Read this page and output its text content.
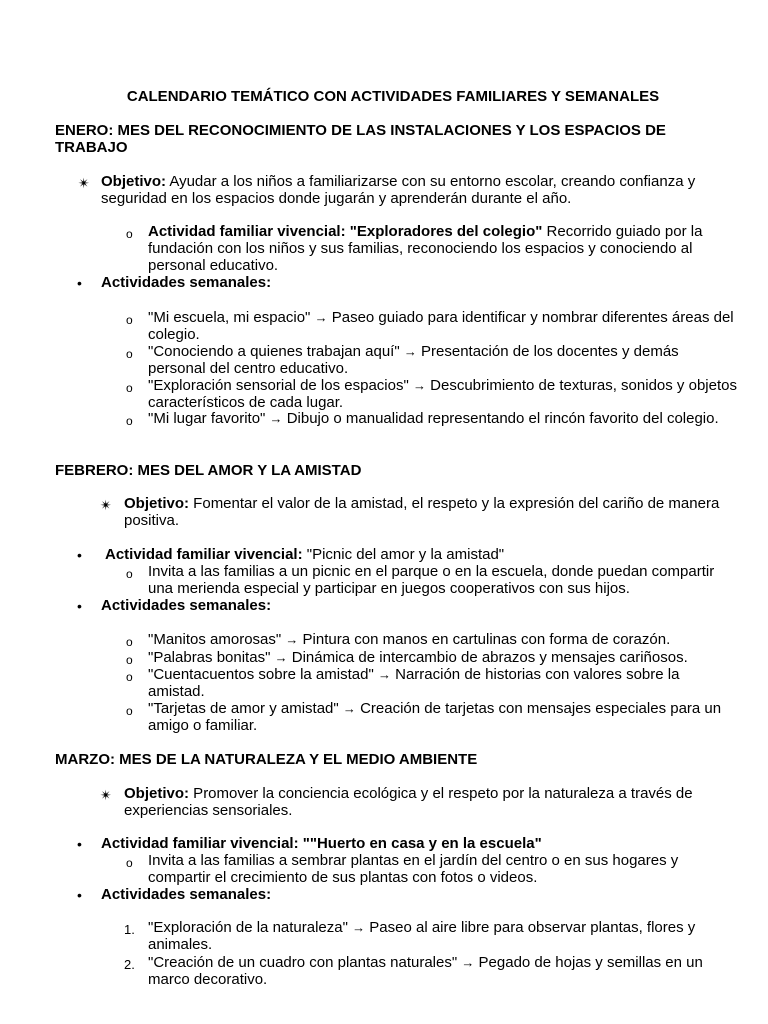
CALENDARIO TEMÁTICO CON ACTIVIDADES FAMILIARES Y SEMANALES
ENERO: MES DEL RECONOCIMIENTO DE LAS INSTALACIONES Y LOS ESPACIOS DE TRABAJO
✴ Objetivo: Ayudar a los niños a familiarizarse con su entorno escolar, creando confianza y seguridad en los espacios donde jugarán y aprenderán durante el año.
o Actividad familiar vivencial: "Exploradores del colegio" Recorrido guiado por la fundación con los niños y sus familias, reconociendo los espacios y conociendo al personal educativo.
• Actividades semanales:
o "Mi escuela, mi espacio" → Paseo guiado para identificar y nombrar diferentes áreas del colegio.
o "Conociendo a quienes trabajan aquí" → Presentación de los docentes y demás personal del centro educativo.
o "Exploración sensorial de los espacios" → Descubrimiento de texturas, sonidos y objetos característicos de cada lugar.
o "Mi lugar favorito" → Dibujo o manualidad representando el rincón favorito del colegio.
FEBRERO: MES DEL AMOR Y LA AMISTAD
✴ Objetivo: Fomentar el valor de la amistad, el respeto y la expresión del cariño de manera positiva.
• Actividad familiar vivencial: "Picnic del amor y la amistad"
o Invita a las familias a un picnic en el parque o en la escuela, donde puedan compartir una merienda especial y participar en juegos cooperativos con sus hijos.
• Actividades semanales:
o "Manitos amorosas" → Pintura con manos en cartulinas con forma de corazón.
o "Palabras bonitas" → Dinámica de intercambio de abrazos y mensajes cariñosos.
o "Cuentacuentos sobre la amistad" → Narración de historias con valores sobre la amistad.
o "Tarjetas de amor y amistad" → Creación de tarjetas con mensajes especiales para un amigo o familiar.
MARZO: MES DE LA NATURALEZA Y EL MEDIO AMBIENTE
✴ Objetivo: Promover la conciencia ecológica y el respeto por la naturaleza a través de experiencias sensoriales.
• Actividad familiar vivencial: ""Huerto en casa y en la escuela"
o Invita a las familias a sembrar plantas en el jardín del centro o en sus hogares y compartir el crecimiento de sus plantas con fotos o videos.
• Actividades semanales:
1. "Exploración de la naturaleza" → Paseo al aire libre para observar plantas, flores y animales.
2. "Creación de un cuadro con plantas naturales" → Pegado de hojas y semillas en un marco decorativo.
